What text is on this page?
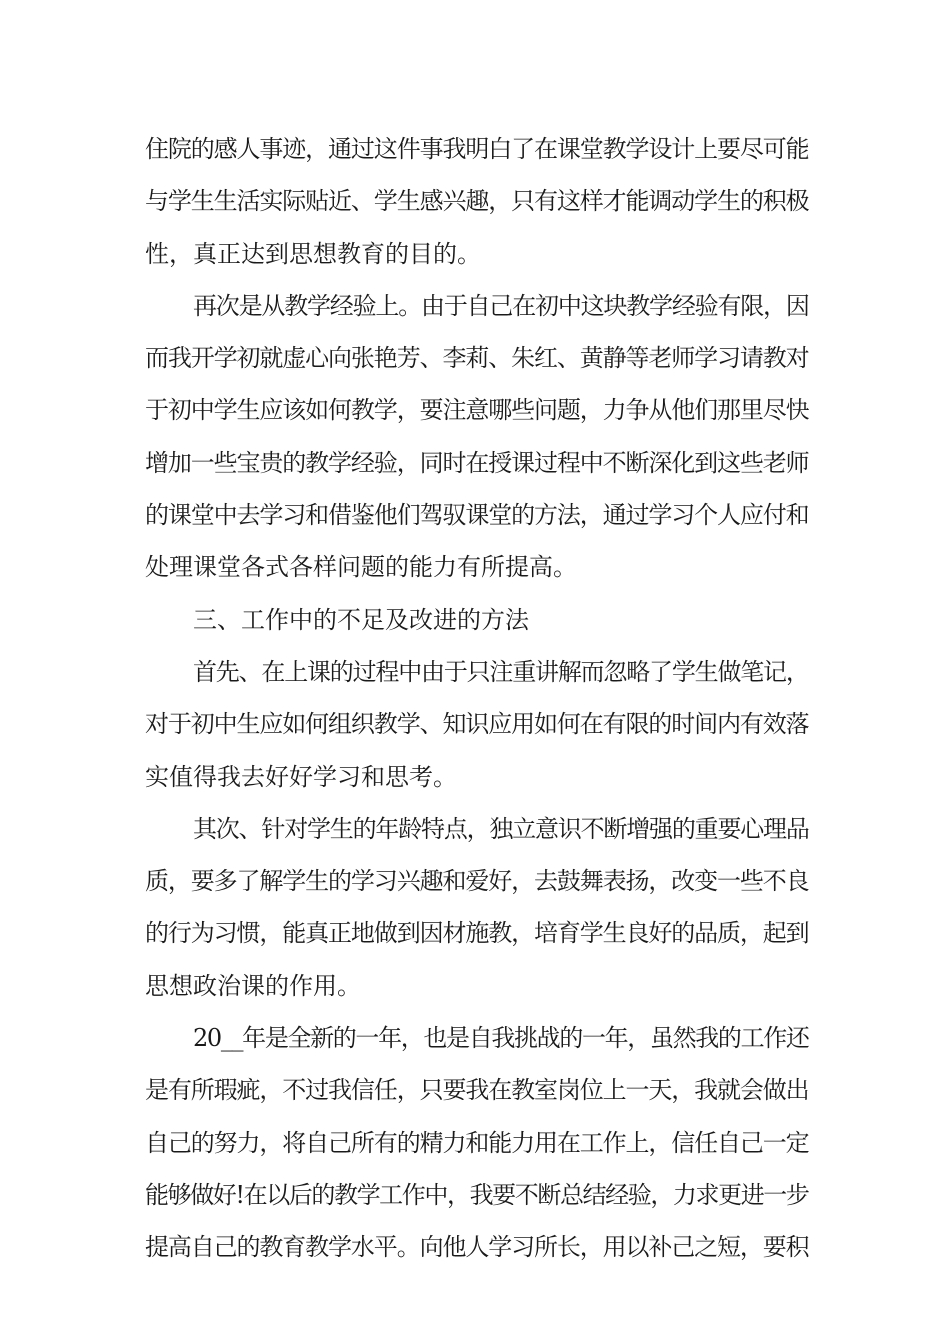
住院的感人事迹，通过这件事我明白了在课堂教学设计上要尽可能
与学生生活实际贴近、学生感兴趣，只有这样才能调动学生的积极
性，真正达到思想教育的目的。
再次是从教学经验上。由于自己在初中这块教学经验有限，因
而我开学初就虚心向张艳芳、李莉、朱红、黄静等老师学习请教对
于初中学生应该如何教学，要注意哪些问题，力争从他们那里尽快
增加一些宝贵的教学经验，同时在授课过程中不断深化到这些老师
的课堂中去学习和借鉴他们驾驭课堂的方法，通过学习个人应付和
处理课堂各式各样问题的能力有所提高。
三、工作中的不足及改进的方法
首先、在上课的过程中由于只注重讲解而忽略了学生做笔记，
对于初中生应如何组织教学、知识应用如何在有限的时间内有效落
实值得我去好好学习和思考。
其次、针对学生的年龄特点，独立意识不断增强的重要心理品
质，要多了解学生的学习兴趣和爱好，去鼓舞表扬，改变一些不良
的行为习惯，能真正地做到因材施教，培育学生良好的品质，起到
思想政治课的作用。
20__年是全新的一年，也是自我挑战的一年，虽然我的工作还
是有所瑕疵，不过我信任，只要我在教室岗位上一天，我就会做出
自己的努力，将自己所有的精力和能力用在工作上，信任自己一定
能够做好!在以后的教学工作中，我要不断总结经验，力求更进一步
提高自己的教育教学水平。向他人学习所长，用以补己之短，要积
